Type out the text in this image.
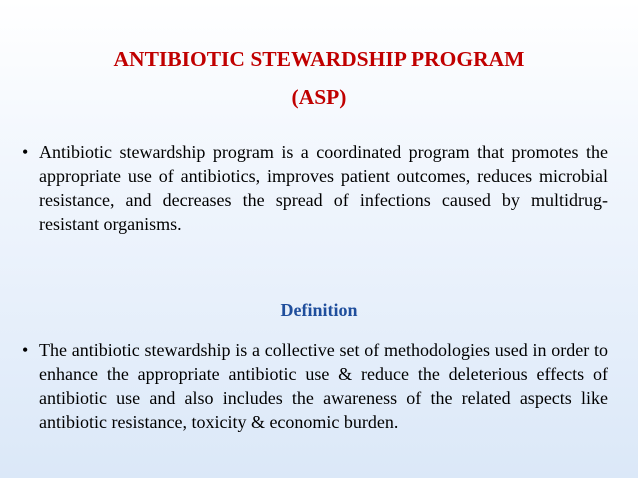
ANTIBIOTIC STEWARDSHIP PROGRAM
(ASP)
• Antibiotic stewardship program is a coordinated program that promotes the appropriate use of antibiotics, improves patient outcomes, reduces microbial resistance, and decreases the spread of infections caused by multidrug-resistant organisms.
Definition
• The antibiotic stewardship is a collective set of methodologies used in order to enhance the appropriate antibiotic use & reduce the deleterious effects of antibiotic use and also includes the awareness of the related aspects like antibiotic resistance, toxicity & economic burden.
